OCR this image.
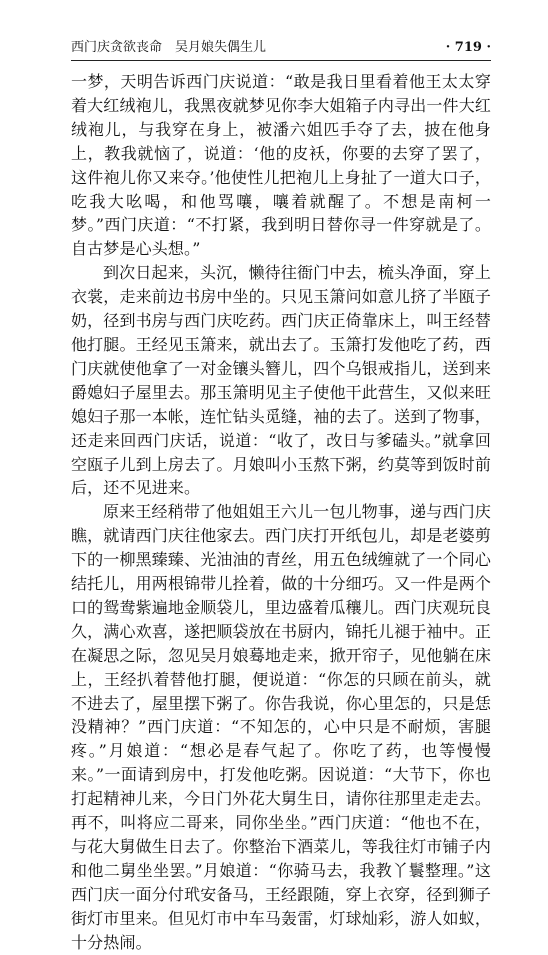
西门庆贪欲丧命　吴月娘失偶生儿	· 719 ·

一梦，天明告诉西门庆说道：“敢是我日里看着他王太太穿着大红绒袍儿，我黑夜就梦见你李大姐箱子内寻出一件大红绒袍儿，与我穿在身上，被潘六姐匹手夺了去，披在他身上，教我就恼了，说道：‘他的皮袄，你要的去穿了罢了，这件袍儿你又来夺。’他使性儿把袍儿上身扯了一道大口子，吃我大吆喝，和他骂嚷，嚷着就醒了。不想是南柯一梦。”西门庆道：“不打紧，我到明日替你寻一件穿就是了。自古梦是心头想。”

到次日起来，头沉，懒待往衙门中去，梳头净面，穿上衣裳，走来前边书房中坐的。只见玉箫问如意儿挤了半瓯子奶，径到书房与西门庆吃药。西门庆正倚靠床上，叫王经替他打腿。王经见玉箫来，就出去了。玉箫打发他吃了药，西门庆就使他拿了一对金镶头簪儿，四个乌银戒指儿，送到来爵媳妇子屋里去。那玉箫明见主子使他干此营生，又似来旺媳妇子那一本帐，连忙钻头觅缝，袖的去了。送到了物事，还走来回西门庆话，说道：“收了，改日与爹磕头。”就拿回空瓯子儿到上房去了。月娘叫小玉熬下粥，约莫等到饭时前后，还不见进来。

原来王经稍带了他姐姐王六儿一包儿物事，递与西门庆瞧，就请西门庆往他家去。西门庆打开纸包儿，却是老婆剪下的一柳黑臻臻、光油油的青丝，用五色绒缠就了一个同心结托儿，用两根锦带儿拴着，做的十分细巧。又一件是两个口的鸳鸯紫遍地金顺袋儿，里边盛着瓜穰儿。西门庆观玩良久，满心欢喜，遂把顺袋放在书厨内，锦托儿褪于袖中。正在凝思之际，忽见吴月娘蓦地走来，掀开帘子，见他躺在床上，王经扒着替他打腿，便说道：“你怎的只顾在前头，就不进去了，屋里摆下粥了。你告我说，你心里怎的，只是恁没精神？”西门庆道：“不知怎的，心中只是不耐烦，害腿疼。”月娘道：“想必是春气起了。你吃了药，也等慢慢来。”一面请到房中，打发他吃粥。因说道：“大节下，你也打起精神儿来，今日门外花大舅生日，请你往那里走走去。再不，叫将应二哥来，同你坐坐。”西门庆道：“他也不在，与花大舅做生日去了。你整治下酒菜儿，等我往灯市铺子内和他二舅坐坐罢。”月娘道：“你骑马去，我教丫鬟整理。”这西门庆一面分付玳安备马，王经跟随，穿上衣穿，径到狮子街灯市里来。但见灯市中车马轰雷，灯球灿彩，游人如蚁，十分热闹。
